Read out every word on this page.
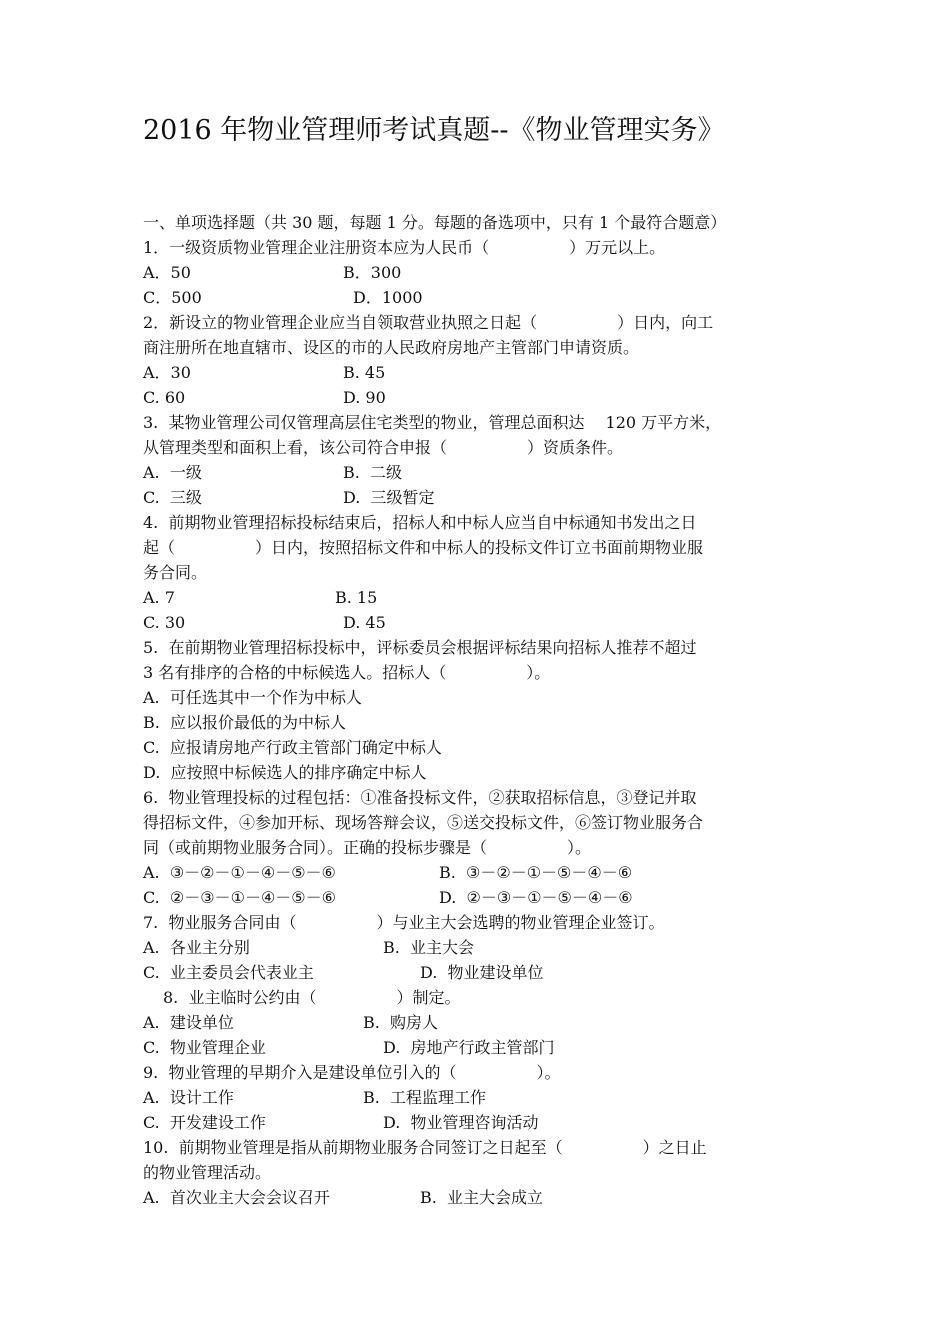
2016 年物业管理师考试真题--《物业管理实务》
一、单项选择题（共 30 题，每题 1 分。每题的备选项中，只有 1 个最符合题意）
1．一级资质物业管理企业注册资本应为人民币（　　　　　）万元以上。
A．50	B．300
C．500	D．1000
2．新设立的物业管理企业应当自领取营业执照之日起（　　　　　）日内，向工
商注册所在地直辖市、设区的市的人民政府房地产主管部门申请资质。
A．30	B. 45
C. 60	D. 90
3.  某物业管理公司仅管理高层住宅类型的物业，管理总面积达　 120 万平方米，
从管理类型和面积上看，该公司符合申报（　　　　　）资质条件。
A.  一级	B.  二级
C.  三级	D.  三级暂定
4.  前期物业管理招标投标结束后，招标人和中标人应当自中标通知书发出之日
起（　　　　　）日内，按照招标文件和中标人的投标文件订立书面前期物业服
务合同。
A. 7	B. 15
C. 30	D. 45
5.  在前期物业管理招标投标中，评标委员会根据评标结果向招标人推荐不超过
3 名有排序的合格的中标候选人。招标人（　　　　　）。
A.  可任选其中一个作为中标人
B.  应以报价最低的为中标人
C.  应报请房地产行政主管部门确定中标人
D.  应按照中标候选人的排序确定中标人
6.  物业管理投标的过程包括：①准备投标文件，②获取招标信息，③登记并取
得招标文件，④参加开标、现场答辩会议，⑤送交投标文件，⑥签订物业服务合
同（或前期物业服务合同）。正确的投标步骤是（　　　　　）。
A.  ③－②－①－④－⑤－⑥	B.  ③－②－①－⑤－④－⑥
C.  ②－③－①－④－⑤－⑥	D.  ②－③－①－⑤－④－⑥
7.  物业服务合同由（　　　　　）与业主大会选聘的物业管理企业签订。
A.  各业主分别	B.  业主大会
C.  业主委员会代表业主	D.  物业建设单位
8.  业主临时公约由（　　　　　）制定。
A.  建设单位	B.  购房人
C.  物业管理企业	D.  房地产行政主管部门
9.  物业管理的早期介入是建设单位引入的（　　　　　）。
A.  设计工作	B.  工程监理工作
C.  开发建设工作	D.  物业管理咨询活动
10.  前期物业管理是指从前期物业服务合同签订之日起至（　　　　　）之日止
的物业管理活动。
A.  首次业主大会会议召开	B.  业主大会成立
